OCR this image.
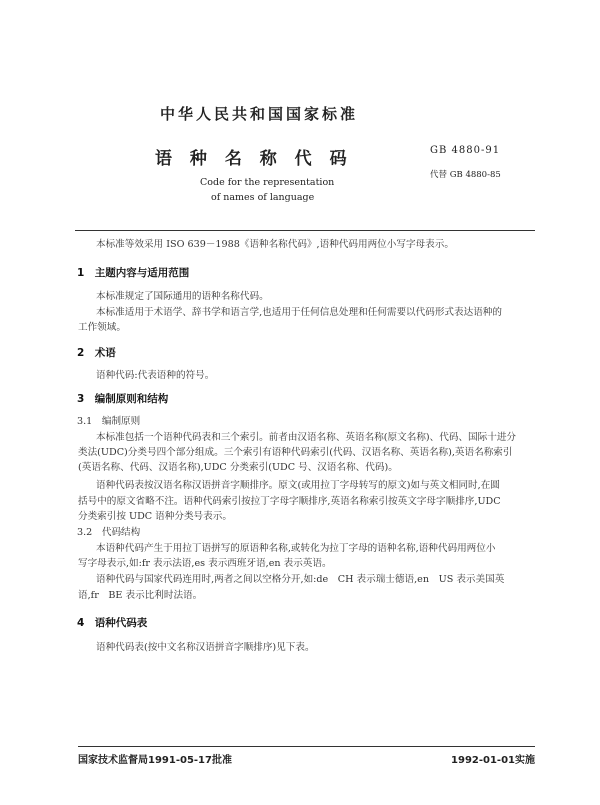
中华人民共和国国家标准
语 种 名 称 代 码
Code for the representation
of names of language
GB 4880-91
代替 GB 4880-85
本标准等效采用 ISO 639－1988《语种名称代码》,语种代码用两位小写字母表示。
1　主题内容与适用范围
本标准规定了国际通用的语种名称代码。
本标准适用于术语学、辞书学和语言学,也适用于任何信息处理和任何需要以代码形式表达语种的
工作领域。
2　术语
语种代码:代表语种的符号。
3　编制原则和结构
3.1　编制原则
本标准包括一个语种代码表和三个索引。前者由汉语名称、英语名称(原文名称)、代码、国际十进分
类法(UDC)分类号四个部分组成。三个索引有语种代码索引(代码、汉语名称、英语名称),英语名称索引
(英语名称、代码、汉语名称),UDC 分类索引(UDC 号、汉语名称、代码)。
语种代码表按汉语名称汉语拼音字顺排序。原文(或用拉丁字母转写的原文)如与英文相同时,在圆
括号中的原文省略不注。语种代码索引按拉丁字母字顺排序,英语名称索引按英文字母字顺排序,UDC
分类索引按 UDC 语种分类号表示。
3.2　代码结构
本语种代码产生于用拉丁语拼写的原语种名称,或转化为拉丁字母的语种名称,语种代码用两位小
写字母表示,如:fr 表示法语,es 表示西班牙语,en 表示英语。
语种代码与国家代码连用时,两者之间以空格分开,如:de　CH 表示瑞士德语,en　US 表示美国英
语,fr　BE 表示比利时法语。
4　语种代码表
语种代码表(按中文名称汉语拼音字顺排序)见下表。
国家技术监督局1991-05-17批准	1992-01-01实施
